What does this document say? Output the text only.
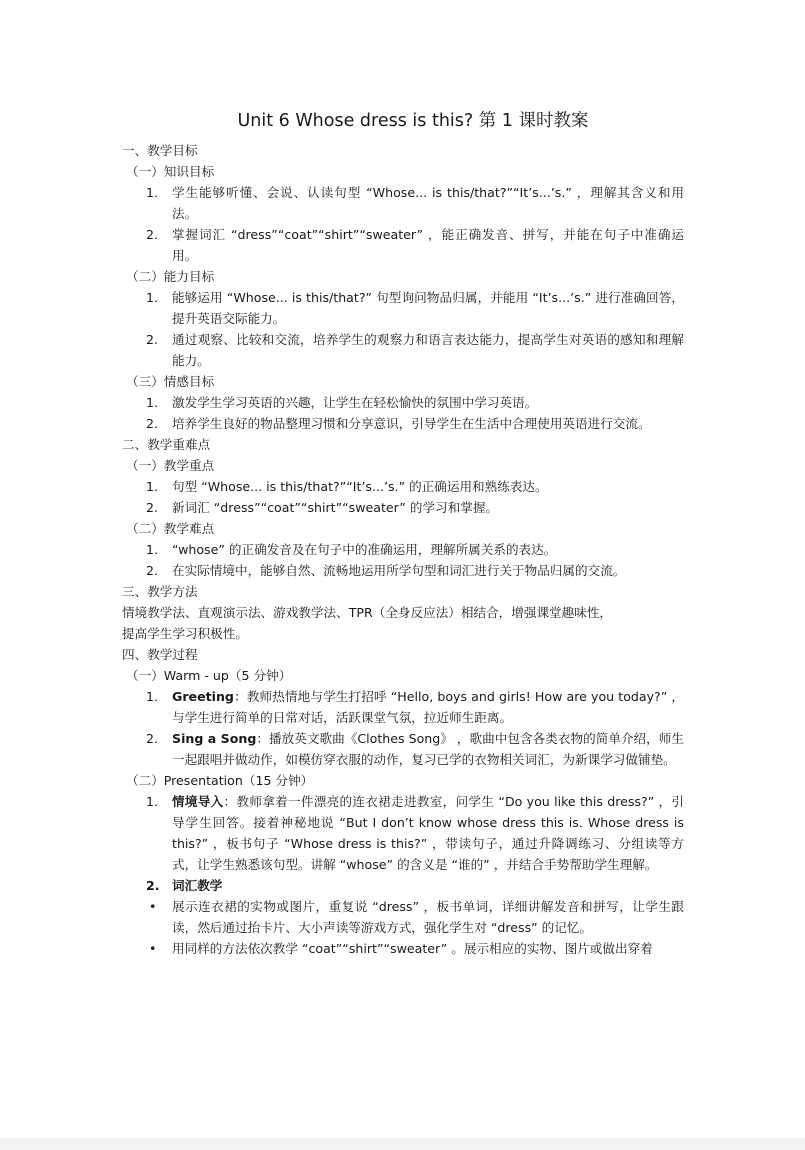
Unit 6 Whose dress is this? 第 1 课时教案
一、教学目标
（一）知识目标
1. 学生能够听懂、会说、认读句型 “Whose... is this/that?”“It’s...’s.” ，理解其含义和用法。
2. 掌握词汇 “dress”“coat”“shirt”“sweater” ，能正确发音、拼写，并能在句子中准确运用。
（二）能力目标
1. 能够运用 “Whose... is this/that?” 句型询问物品归属，并能用 “It’s...’s.” 进行准确回答，提升英语交际能力。
2. 通过观察、比较和交流，培养学生的观察力和语言表达能力，提高学生对英语的感知和理解能力。
（三）情感目标
1. 激发学生学习英语的兴趣，让学生在轻松愉快的氛围中学习英语。
2. 培养学生良好的物品整理习惯和分享意识，引导学生在生活中合理使用英语进行交流。
二、教学重难点
（一）教学重点
1. 句型 “Whose... is this/that?”“It’s...’s.” 的正确运用和熟练表达。
2. 新词汇 “dress”“coat”“shirt”“sweater” 的学习和掌握。
（二）教学难点
1. “whose” 的正确发音及在句子中的准确运用，理解所属关系的表达。
2. 在实际情境中，能够自然、流畅地运用所学句型和词汇进行关于物品归属的交流。
三、教学方法
情境教学法、直观演示法、游戏教学法、TPR（全身反应法）相结合，增强课堂趣味性，
提高学生学习积极性。
四、教学过程
（一）Warm - up（5 分钟）
1. Greeting：教师热情地与学生打招呼 “Hello, boys and girls! How are you today?” ，与学生进行简单的日常对话，活跃课堂气氛，拉近师生距离。
2. Sing a Song：播放英文歌曲《Clothes Song》 ，歌曲中包含各类衣物的简单介绍，师生一起跟唱并做动作，如模仿穿衣服的动作，复习已学的衣物相关词汇，为新课学习做铺垫。
（二）Presentation（15 分钟）
1. 情境导入：教师拿着一件漂亮的连衣裙走进教室，问学生 “Do you like this dress?” ，引导学生回答。接着神秘地说 “But I don’t know whose dress this is. Whose dress is this?” ，板书句子 “Whose dress is this?” ，带读句子，通过升降调练习、分组读等方式，让学生熟悉该句型。讲解 “whose” 的含义是 “谁的” ，并结合手势帮助学生理解。
2. 词汇教学
• 展示连衣裙的实物或图片，重复说 “dress” ，板书单词，详细讲解发音和拼写，让学生跟读，然后通过抬卡片、大小声读等游戏方式，强化学生对 “dress” 的记忆。
• 用同样的方法依次教学 “coat”“shirt”“sweater” 。展示相应的实物、图片或做出穿着
